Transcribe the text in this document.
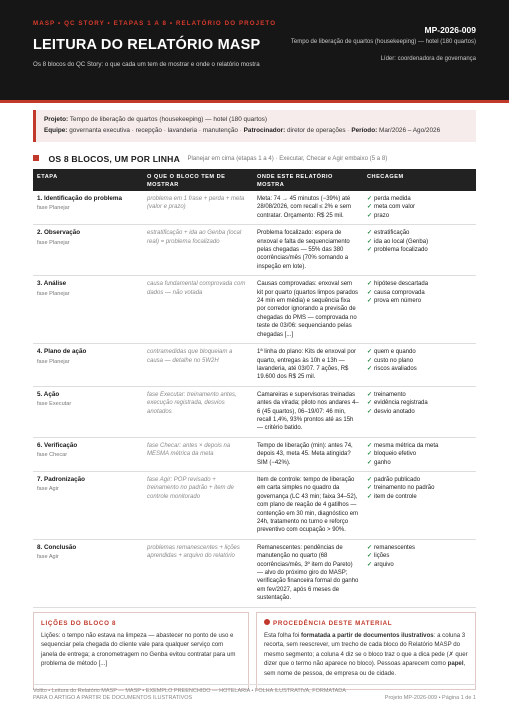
MASP • QC STORY • ETAPAS 1 A 8 • RELATÓRIO DO PROJETO
LEITURA DO RELATÓRIO MASP
Os 8 blocos do QC Story: o que cada um tem de mostrar e onde o relatório mostra
MP-2026-009
Tempo de liberação de quartos (housekeeping) — hotel (180 quartos)
Líder: coordenadora de governança
Projeto: Tempo de liberação de quartos (housekeeping) — hotel (180 quartos)
Equipe: governanta executiva · recepção · lavanderia · manutenção · Patrocinador: diretor de operações · Período: Mar/2026 – Ago/2026
OS 8 BLOCOS, UM POR LINHA Planejar em cima (etapas 1 a 4) · Executar, Checar e Agir embaixo (5 a 8)
ETAPA	O QUE O BLOCO TEM DE MOSTRAR
ONDE ESTE RELATÓRIO MOSTRA
CHECAGEM
1. Identificação do problema
fase Planejar
problema em 1 frase + perda + meta (valor e prazo)
Meta: 74 → 45 minutos (−39%) até 28/08/2026, com recall ≤ 2% e sem contratar. Orçamento: R$ 25 mil.
✓ perda medida
✓ meta com valor
✓ prazo
2. Observação
fase Planejar
estratificação + ida ao Genba (local real) = problema focalizado
Problema focalizado: espera de enxoval e falta de sequenciamento pelas chegadas — 55% das 380 ocorrências/mês (70% somando a inspeção em lote).
✓ estratificação
✓ ida ao local (Genba)
✓ problema focalizado
3. Análise
fase Planejar
causa fundamental comprovada com dados — não votada
Causas comprovadas: enxoval sem kit por quarto (quartos limpos parados 24 min em média) e sequência fixa por corredor ignorando a previsão de chegadas do PMS — comprovada no teste de 03/06: sequenciando pelas chegadas [...]
✓ hipótese descartada
✓ causa comprovada
✓ prova em número
4. Plano de ação
fase Planejar
contramedidas que bloqueiam a causa — detalhe no 5W2H
1ª linha do plano: Kits de enxoval por quarto, entregas às 10h e 13h — lavanderia, até 03/07. 7 ações, R$ 19.600 dos R$ 25 mil.
✓ quem e quando
✓ custo no plano
✓ riscos avaliados
5. Ação
fase Executar
fase Executar: treinamento antes, execução registrada, desvios anotados
Camareiras e supervisoras treinadas antes da virada; piloto nos andares 4–6 (45 quartos), 06–19/07: 46 min, recall 1,4%, 93% prontos até as 15h — critério batido.
✓ treinamento
✓ evidência registrada
✓ desvio anotado
6. Verificação
fase Checar
fase Checar: antes × depois na MESMA métrica da meta
Tempo de liberação (min): antes 74, depois 43, meta 45. Meta atingida? SIM (−42%).
✓ mesma métrica da meta
✓ bloqueio efetivo
✓ ganho
7. Padronização
fase Agir
fase Agir: POP revisado + treinamento no padrão + item de controle monitorado
Item de controle: tempo de liberação em carta simples no quadro da governança (LC 43 min; faixa 34–52), com plano de reação de 4 gatilhos — contenção em 30 min, diagnóstico em 24h, tratamento no turno e reforço preventivo com ocupação > 90%.
✓ padrão publicado
✓ treinamento no padrão
✓ item de controle
8. Conclusão
fase Agir
problemas remanescentes + lições aprendidas + arquivo do relatório
Remanescentes: pendências de manutenção no quarto (68 ocorrências/mês, 3º item do Pareto) — alvo do próximo giro do MASP; verificação financeira formal do ganho em fev/2027, após 6 meses de sustentação.
✓ remanescentes
✓ lições
✓ arquivo
LIÇÕES DO BLOCO 8
Lições: o tempo não estava na limpeza — abastecer no ponto de uso e sequenciar pela chegada do cliente vale para qualquer serviço com janela de entrega; a cronometragem no Genba evitou contratar para um problema de método [...]
PROCEDÊNCIA DESTE MATERIAL
Esta folha foi formatada a partir de documentos ilustrativos: a coluna 3 recorta, sem reescrever, um trecho de cada bloco do Relatório MASP do mesmo segmento; a coluna 4 diz se o bloco traz o que a dica pede (✗ quer dizer que o termo não aparece no bloco). Pessoas aparecem como papel, sem nome de pessoa, de empresa ou de cidade.
Voltto • Leitura do Relatório MASP — MASP • EXEMPLO PREENCHIDO — HOTELARIA • FOLHA ILUSTRATIVA, FORMATADA PARA O ARTIGO A PARTIR DE DOCUMENTOS ILUSTRATIVOS	Projeto MP-2026-009 • Página 1 de 1
